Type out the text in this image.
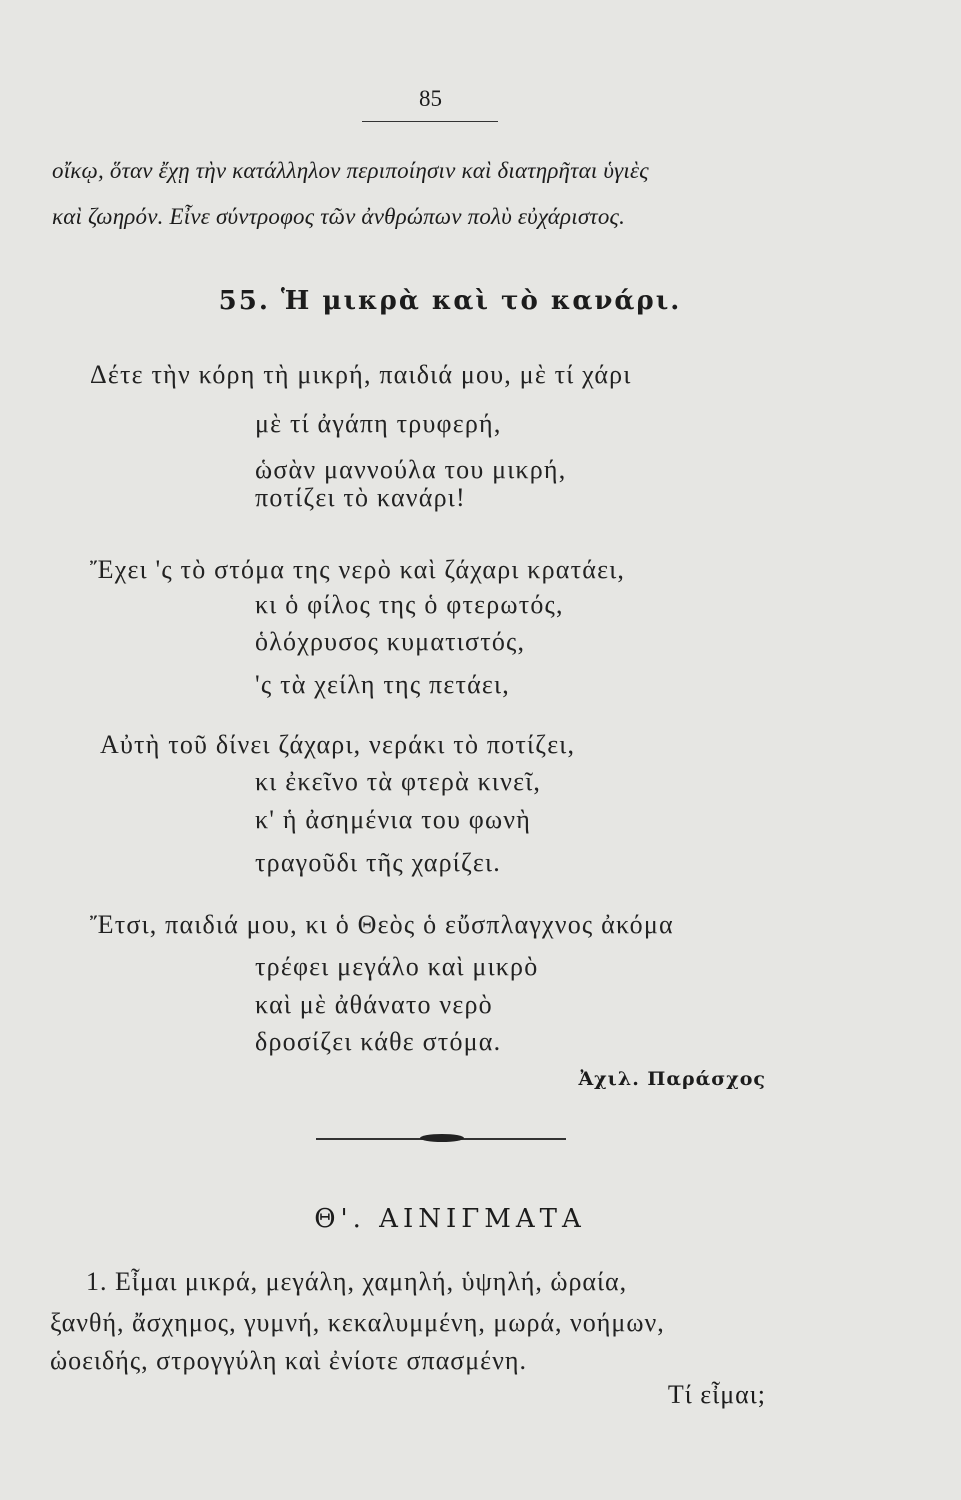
85
οἴκῳ, ὅταν ἔχῃ τὴν κατάλληλον περιποίησιν καὶ διατηρῆται ὑγιὲς
καὶ ζωηρόν. Εἶνε σύντροφος τῶν ἀνθρώπων πολὺ εὐχάριστος.
55. Ἡ μικρὰ καὶ τὸ κανάρι.
Δέτε τὴν κόρη τὴ μικρή, παιδιά μου, μὲ τί χάρι
μὲ τί ἀγάπη τρυφερή,
ὡσὰν μαννούλα του μικρή,
ποτίζει τὸ κανάρι!
Ἔχει 'ς τὸ στόμα της νερὸ καὶ ζάχαρι κρατάει,
κι ὁ φίλος της ὁ φτερωτός,
ὁλόχρυσος κυματιστός,
'ς τὰ χείλη της πετάει,
Αὐτὴ τοῦ δίνει ζάχαρι, νεράκι τὸ ποτίζει,
κι ἐκεῖνο τὰ φτερὰ κινεῖ,
κ' ἡ ἀσημένια του φωνὴ
τραγοῦδι τῆς χαρίζει.
Ἔτσι, παιδιά μου, κι ὁ Θεὸς ὁ εὔσπλαγχνος ἀκόμα
τρέφει μεγάλο καὶ μικρὸ
καὶ μὲ ἀθάνατο νερὸ
δροσίζει κάθε στόμα.
Ἀχιλ. Παράσχος
Θ'. ΑΙΝΙΓΜΑΤΑ
1. Εἶμαι μικρά, μεγάλη, χαμηλή, ὑψηλή, ὡραία,
ξανθή, ἄσχημος, γυμνή, κεκαλυμμένη, μωρά, νοήμων,
ὡοειδής, στρογγύλη καὶ ἐνίοτε σπασμένη.
Τί εἶμαι;
